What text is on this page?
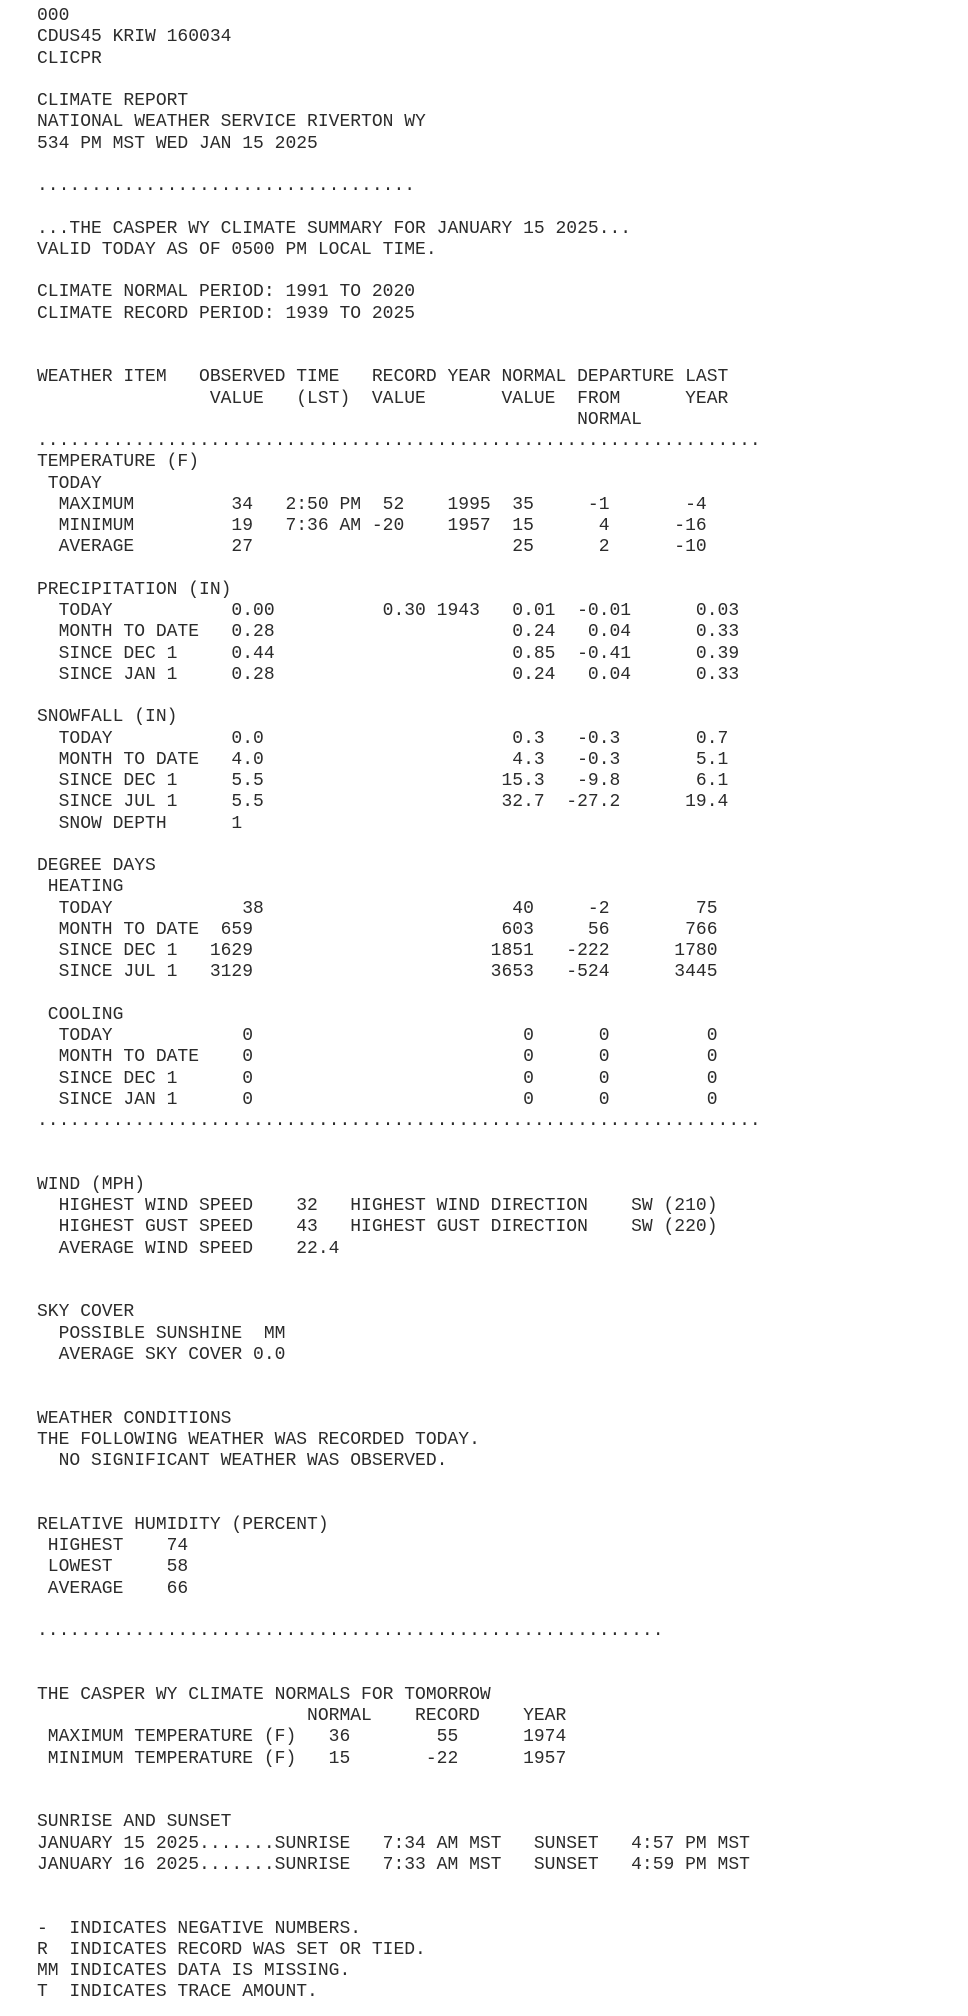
000
CDUS45 KRIW 160034
CLICPR
CLIMATE REPORT
NATIONAL WEATHER SERVICE RIVERTON WY
534 PM MST WED JAN 15 2025
...................................
...THE CASPER WY CLIMATE SUMMARY FOR JANUARY 15 2025...
VALID TODAY AS OF 0500 PM LOCAL TIME.
CLIMATE NORMAL PERIOD: 1991 TO 2020
CLIMATE RECORD PERIOD: 1939 TO 2025
WEATHER ITEM   OBSERVED TIME   RECORD YEAR NORMAL DEPARTURE LAST
VALUE   (LST)  VALUE       VALUE  FROM      YEAR
NORMAL
...................................................................
TEMPERATURE (F)
TODAY
MAXIMUM         34   2:50 PM  52    1995  35     -1       -4
MINIMUM         19   7:36 AM -20    1957  15      4      -16
AVERAGE         27                        25      2      -10
PRECIPITATION (IN)
TODAY           0.00          0.30 1943   0.01  -0.01      0.03
MONTH TO DATE   0.28                      0.24   0.04      0.33
SINCE DEC 1     0.44                      0.85  -0.41      0.39
SINCE JAN 1     0.28                      0.24   0.04      0.33
SNOWFALL (IN)
TODAY           0.0                       0.3   -0.3       0.7
MONTH TO DATE   4.0                       4.3   -0.3       5.1
SINCE DEC 1     5.5                      15.3   -9.8       6.1
SINCE JUL 1     5.5                      32.7  -27.2      19.4
SNOW DEPTH      1
DEGREE DAYS
HEATING
TODAY            38                       40     -2        75
MONTH TO DATE  659                       603     56       766
SINCE DEC 1   1629                      1851   -222      1780
SINCE JUL 1   3129                      3653   -524      3445
COOLING
TODAY            0                         0      0         0
MONTH TO DATE    0                         0      0         0
SINCE DEC 1      0                         0      0         0
SINCE JAN 1      0                         0      0         0
...................................................................
WIND (MPH)
HIGHEST WIND SPEED    32   HIGHEST WIND DIRECTION    SW (210)
HIGHEST GUST SPEED    43   HIGHEST GUST DIRECTION    SW (220)
AVERAGE WIND SPEED    22.4
SKY COVER
POSSIBLE SUNSHINE  MM
AVERAGE SKY COVER 0.0
WEATHER CONDITIONS
THE FOLLOWING WEATHER WAS RECORDED TODAY.
NO SIGNIFICANT WEATHER WAS OBSERVED.
RELATIVE HUMIDITY (PERCENT)
HIGHEST    74
LOWEST     58
AVERAGE    66
..........................................................
THE CASPER WY CLIMATE NORMALS FOR TOMORROW
NORMAL    RECORD    YEAR
MAXIMUM TEMPERATURE (F)   36        55      1974
MINIMUM TEMPERATURE (F)   15       -22      1957
SUNRISE AND SUNSET
JANUARY 15 2025.......SUNRISE   7:34 AM MST   SUNSET   4:57 PM MST
JANUARY 16 2025.......SUNRISE   7:33 AM MST   SUNSET   4:59 PM MST
-  INDICATES NEGATIVE NUMBERS.
R  INDICATES RECORD WAS SET OR TIED.
MM INDICATES DATA IS MISSING.
T  INDICATES TRACE AMOUNT.
